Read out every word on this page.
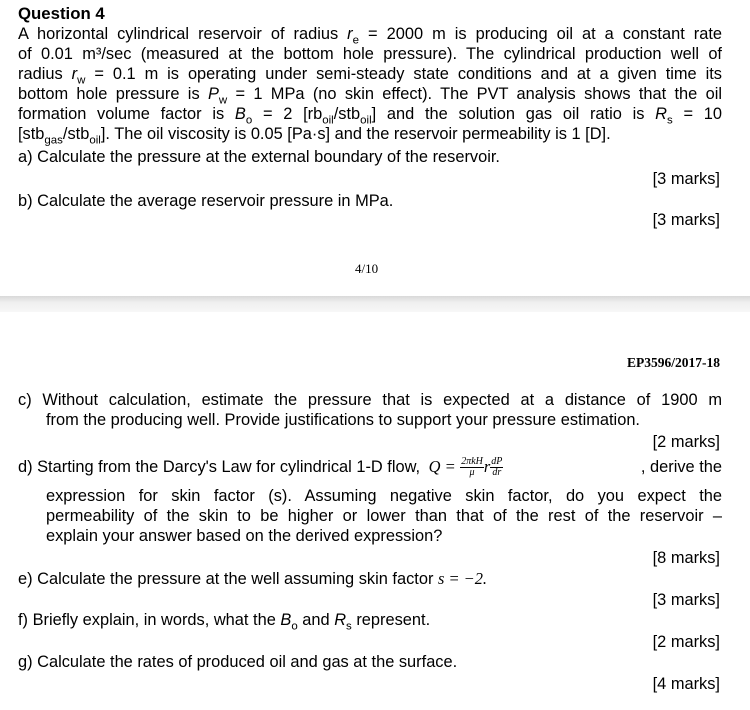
Question 4
A horizontal cylindrical reservoir of radius $r_e = 2000$ m is producing oil at a constant rate
of 0.01 m³/sec (measured at the bottom hole pressure). The cylindrical production well of
radius $r_w = 0.1$ m is operating under semi-steady state conditions and at a given time its
bottom hole pressure is $P_w = 1$ MPa (no skin effect). The PVT analysis shows that the oil
formation volume factor is $B_o = 2$ $[rb_{oil}/stb_{oil}]$ and the solution gas oil ratio is $R_s = 10$
[stb$_{gas}$/stb$_{oil}$]. The oil viscosity is 0.05 [Pa·s] and the reservoir permeability is 1 [D].
a) Calculate the pressure at the external boundary of the reservoir.
[3 marks]
b) Calculate the average reservoir pressure in MPa.
[3 marks]
4/10
EP3596/2017-18
c) Without calculation, estimate the pressure that is expected at a distance of 1900 m
from the producing well. Provide justifications to support your pressure estimation.
[2 marks]
d) Starting from the Darcy's Law for cylindrical 1-D flow, $Q = \frac{\text{2πkH}}{\mu}$ r $\frac{dP}{dr}$	, derive the
expression for skin factor (s). Assuming negative skin factor, do you expect the
permeability of the skin to be higher or lower than that of the rest of the reservoir –
explain your answer based on the derived expression?
[8 marks]
e) Calculate the pressure at the well assuming skin factor s = −2.
[3 marks]
f) Briefly explain, in words, what the $B_o$ and $R_s$ represent.
[2 marks]
g) Calculate the rates of produced oil and gas at the surface.
[4 marks]
